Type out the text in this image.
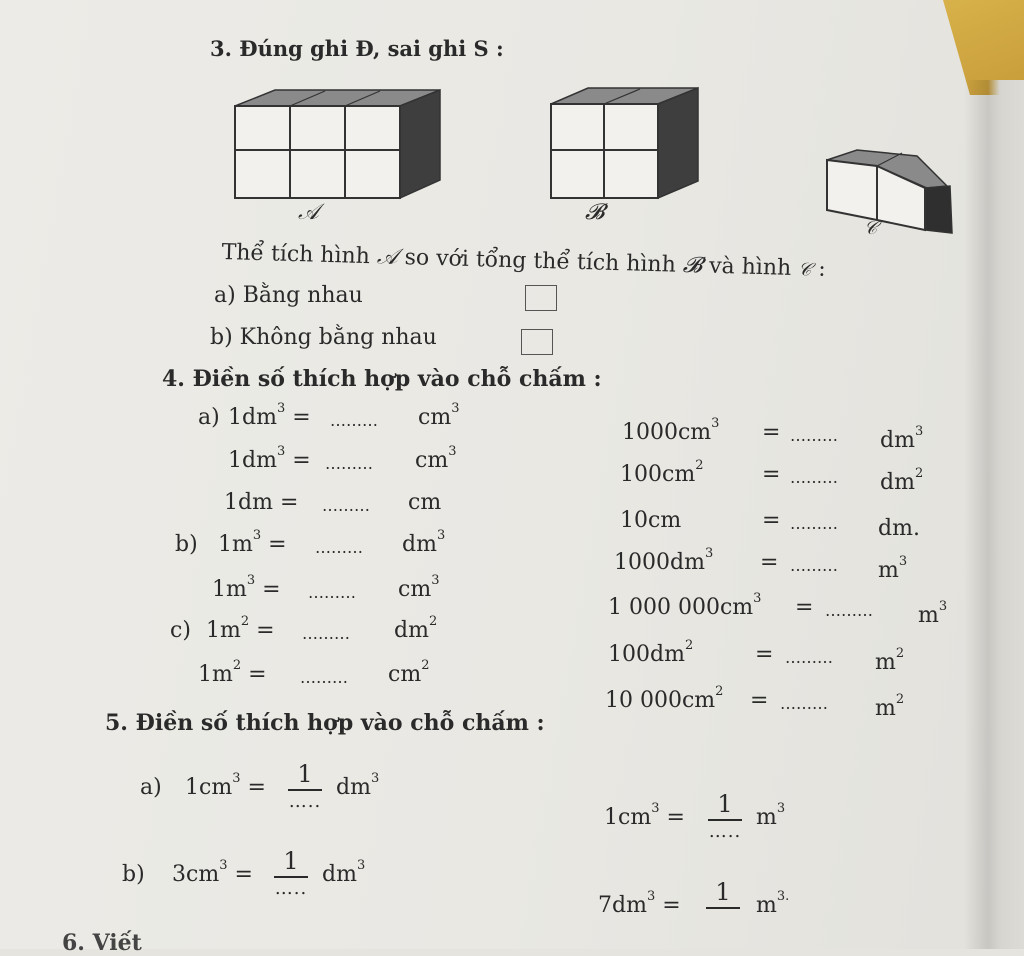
3. Đúng ghi Đ, sai ghi S :
𝒜	𝓑
𝒞
Thể tích hình 𝒜 so với tổng thể tích hình 𝓑 và hình 𝒞 :
a) Bằng nhau
b) Không bằng nhau
4. Điền số thích hợp vào chỗ chấm :
a) $1dm^3$ = ……… $cm^3$
$1dm^3$ = ……… $cm^3$
1dm = ……… cm
b) $1m^3$ = ……… $dm^3$
$1m^3$ = ……… $cm^3$
c) $1m^2$ = ……… $dm^2$
$1m^2$ = ……… $cm^2$
$1000cm^3$ = ……… $dm^3$
$100cm^2$	= ……… $dm^2$
10cm	= ……… dm.
$1000dm^3$ = ……… $m^3$
1 000 $000cm^3$ = ……… $m^3$
$100dm^2$	= ……… $m^2$
10 $000cm^2$ = ……… $m^2$
5. Điền số thích hợp vào chỗ chấm :
a) $1cm^3$ =	1
…..
$dm^3$
$1cm^3$ =	1
…..
$m^3$
b) $3cm^3$ =	1
…..
$dm^3$
$7dm^3$ =	1	$m^{3.}$
6. Viết
